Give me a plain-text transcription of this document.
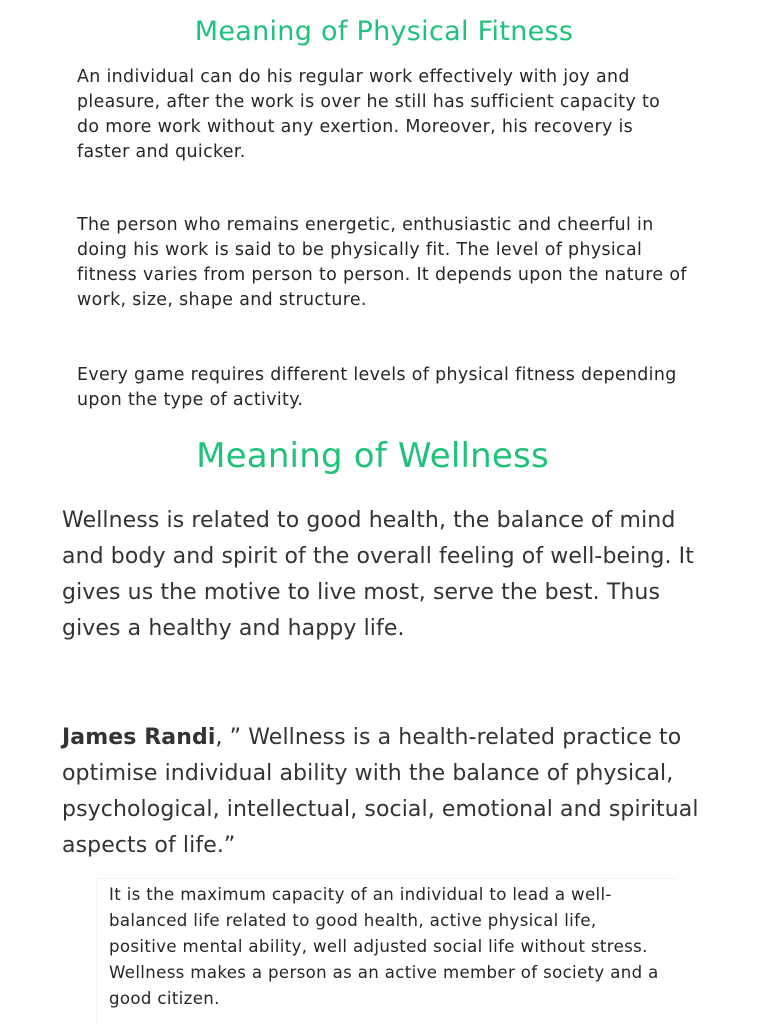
Meaning of Physical Fitness

An individual can do his regular work effectively with joy and pleasure, after the work is over he still has sufficient capacity to do more work without any exertion. Moreover, his recovery is faster and quicker.

The person who remains energetic, enthusiastic and cheerful in doing his work is said to be physically fit. The level of physical fitness varies from person to person. It depends upon the nature of work, size, shape and structure.

Every game requires different levels of physical fitness depending upon the type of activity.

Meaning of Wellness

Wellness is related to good health, the balance of mind and body and spirit of the overall feeling of well-being. It gives us the motive to live most, serve the best. Thus gives a healthy and happy life.

James Randi, ” Wellness is a health-related practice to optimise individual ability with the balance of physical, psychological, intellectual, social, emotional and spiritual aspects of life.”

It is the maximum capacity of an individual to lead a well-balanced life related to good health, active physical life, positive mental ability, well adjusted social life without stress. Wellness makes a person as an active member of society and a good citizen.
